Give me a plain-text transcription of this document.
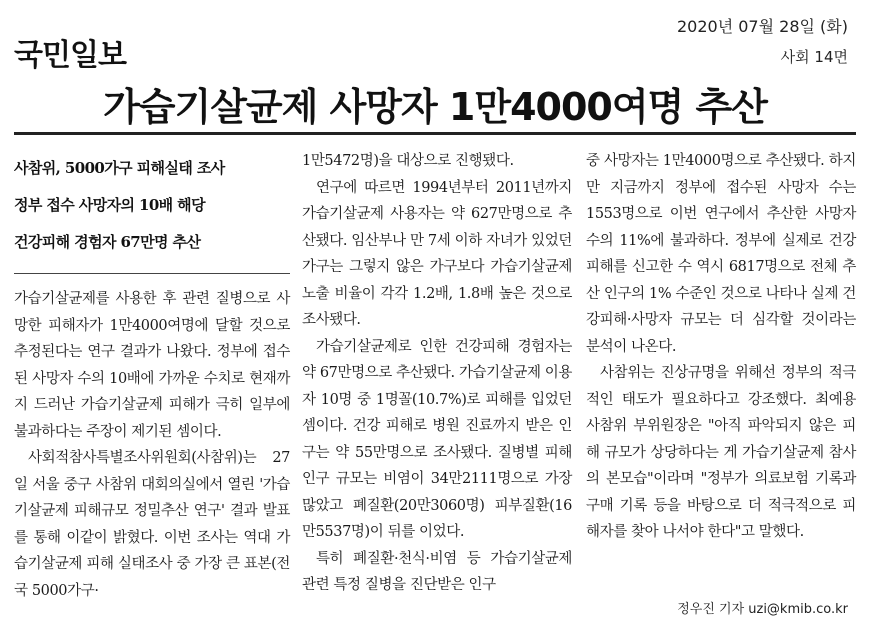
국민일보
2020년 07월 28일 (화)
사회 14면
가습기살균제 사망자 1만4000여명 추산
사참위, 5000가구 피해실태 조사
정부 접수 사망자의 10배 해당
건강피해 경험자 67만명 추산

가습기살균제를 사용한 후 관련 질병으로 사망한 피해자가 1만4000여명에 달할 것으로 추정된다는 연구 결과가 나왔다. 정부에 접수된 사망자 수의 10배에 가까운 수치로 현재까지 드러난 가습기살균제 피해가 극히 일부에 불과하다는 주장이 제기된 셈이다.

사회적참사특별조사위원회(사참위)는 27일 서울 중구 사참위 대회의실에서 열린 '가습기살균제 피해규모 정밀추산 연구' 결과 발표를 통해 이같이 밝혔다. 이번 조사는 역대 가습기살균제 피해 실태조사 중 가장 큰 표본(전국 5000가구·

1만5472명)을 대상으로 진행됐다.

연구에 따르면 1994년부터 2011년까지 가습기살균제 사용자는 약 627만명으로 추산됐다. 임산부나 만 7세 이하 자녀가 있었던 가구는 그렇지 않은 가구보다 가습기살균제 노출 비율이 각각 1.2배, 1.8배 높은 것으로 조사됐다.

가습기살균제로 인한 건강피해 경험자는 약 67만명으로 추산됐다. 가습기살균제 이용자 10명 중 1명꼴(10.7%)로 피해를 입었던 셈이다. 건강 피해로 병원 진료까지 받은 인구는 약 55만명으로 조사됐다. 질병별 피해인구 규모는 비염이 34만2111명으로 가장 많았고 폐질환(20만3060명) 피부질환(16만5537명)이 뒤를 이었다.

특히 폐질환·천식·비염 등 가습기살균제 관련 특정 질병을 진단받은 인구

중 사망자는 1만4000명으로 추산됐다. 하지만 지금까지 정부에 접수된 사망자 수는 1553명으로 이번 연구에서 추산한 사망자 수의 11%에 불과하다. 정부에 실제로 건강 피해를 신고한 수 역시 6817명으로 전체 추산 인구의 1% 수준인 것으로 나타나 실제 건강피해·사망자 규모는 더 심각할 것이라는 분석이 나온다.

사참위는 진상규명을 위해선 정부의 적극적인 태도가 필요하다고 강조했다. 최예용 사참위 부위원장은 "아직 파악되지 않은 피해 규모가 상당하다는 게 가습기살균제 참사의 본모습"이라며 "정부가 의료보험 기록과 구매 기록 등을 바탕으로 더 적극적으로 피해자를 찾아 나서야 한다"고 말했다.

정우진 기자 uzi@kmib.co.kr
